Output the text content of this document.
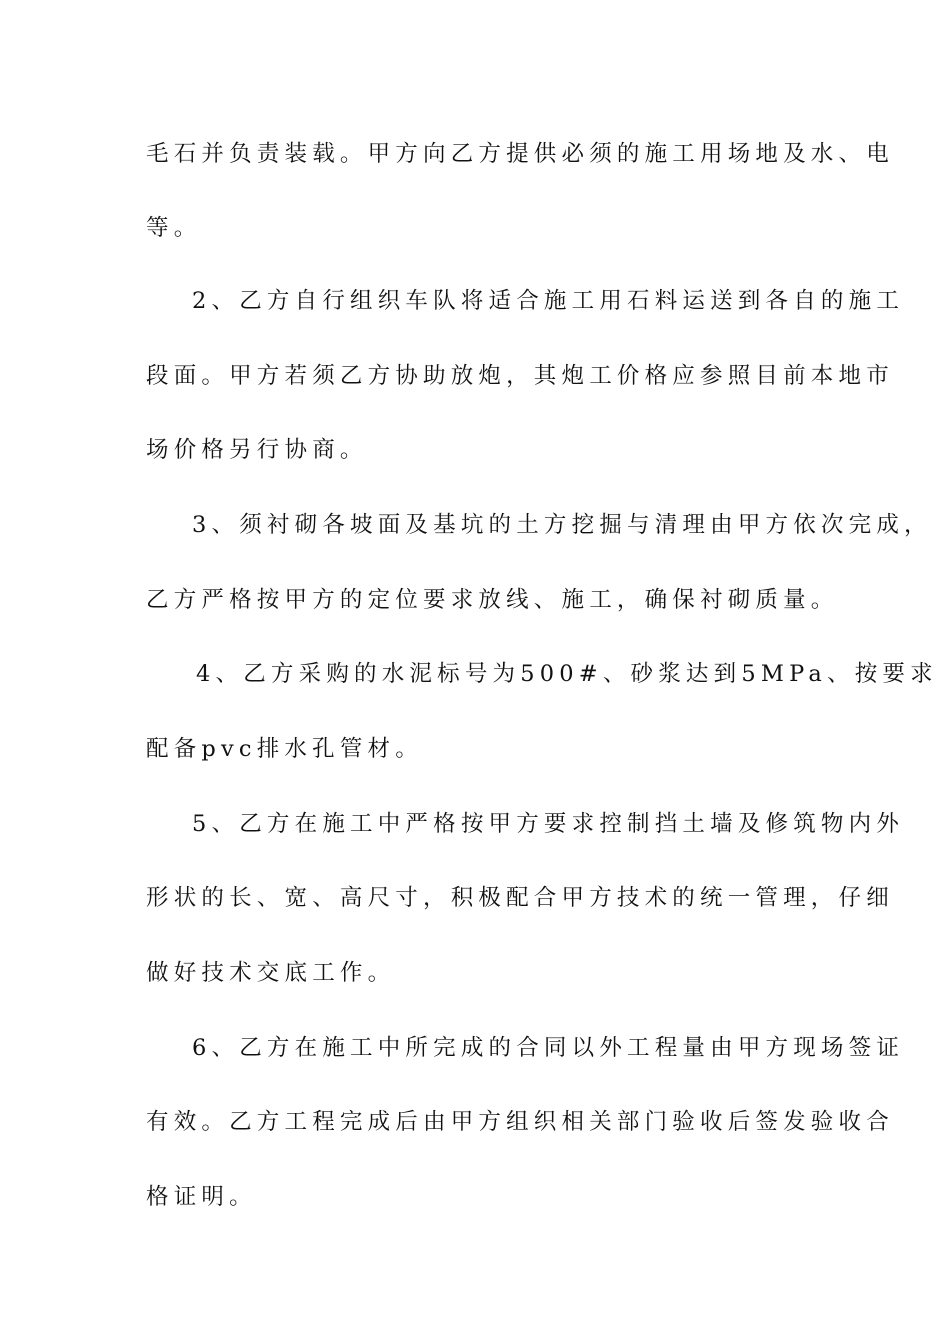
毛石并负责装载。甲方向乙方提供必须的施工用场地及水、电
等。
2、乙方自行组织车队将适合施工用石料运送到各自的施工
段面。甲方若须乙方协助放炮，其炮工价格应参照目前本地市
场价格另行协商。
3、须衬砌各坡面及基坑的土方挖掘与清理由甲方依次完成，
乙方严格按甲方的定位要求放线、施工，确保衬砌质量。
4、乙方采购的水泥标号为500#、砂浆达到5MPa、按要求
配备pvc排水孔管材。
5、乙方在施工中严格按甲方要求控制挡土墙及修筑物内外
形状的长、宽、高尺寸，积极配合甲方技术的统一管理，仔细
做好技术交底工作。
6、乙方在施工中所完成的合同以外工程量由甲方现场签证
有效。乙方工程完成后由甲方组织相关部门验收后签发验收合
格证明。
